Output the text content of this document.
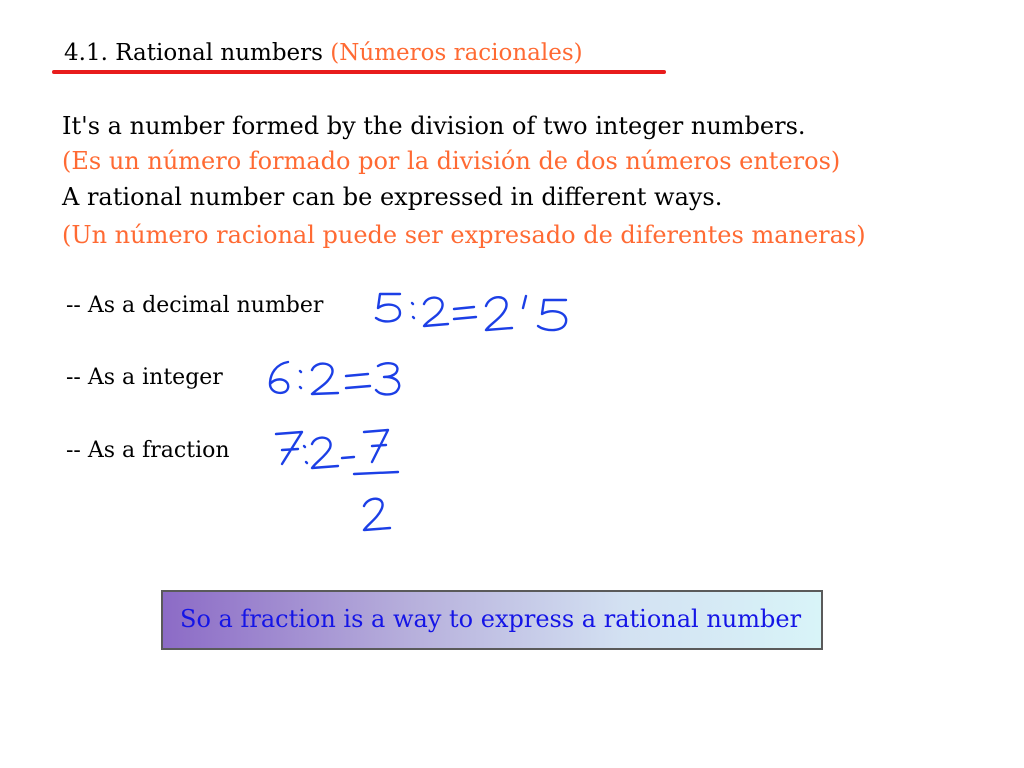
4.1. Rational numbers (Números racionales)
It's a number formed by the division of two integer numbers.
(Es un número formado por la división de dos números enteros)
A rational number can be expressed in different ways.
(Un número racional puede ser expresado de diferentes maneras)
-- As a decimal number
-- As a integer
-- As a fraction
So a fraction is a way to express a rational number
